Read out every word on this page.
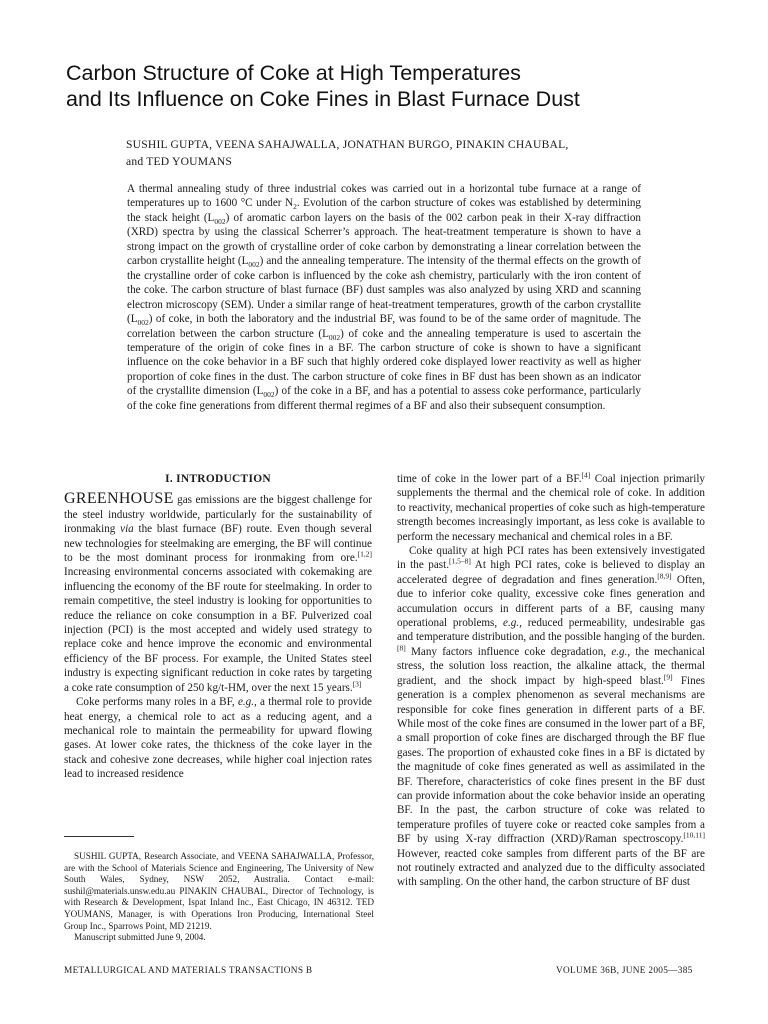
Carbon Structure of Coke at High Temperatures
and Its Influence on Coke Fines in Blast Furnace Dust
SUSHIL GUPTA, VEENA SAHAJWALLA, JONATHAN BURGO, PINAKIN CHAUBAL,
and TED YOUMANS
A thermal annealing study of three industrial cokes was carried out in a horizontal tube furnace at a range of temperatures up to 1600 °C under $N_2$. Evolution of the carbon structure of cokes was established by determining the stack height $(L_{002})$ of aromatic carbon layers on the basis of the 002 carbon peak in their X-ray diffraction (XRD) spectra by using the classical Scherrer’s approach. The heat-treatment temperature is shown to have a strong impact on the growth of crystalline order of coke carbon by demonstrating a linear correlation between the carbon crystallite height $(L_{002})$ and the annealing temperature. The intensity of the thermal effects on the growth of the crystalline order of coke carbon is influenced by the coke ash chemistry, particularly with the iron content of the coke. The carbon structure of blast furnace (BF) dust samples was also analyzed by using XRD and scanning electron microscopy (SEM). Under a similar range of heat-treatment temperatures, growth of the carbon crystallite $(L_{002})$ of coke, in both the laboratory and the industrial BF, was found to be of the same order of magnitude. The correlation between the carbon structure $(L_{002})$ of coke and the annealing temperature is used to ascertain the temperature of the origin of coke fines in a BF. The carbon structure of coke is shown to have a significant influence on the coke behavior in a BF such that highly ordered coke displayed lower reactivity as well as higher proportion of coke fines in the dust. The carbon structure of coke fines in BF dust has been shown as an indicator of the crystallite dimension $(L_{002})$ of the coke in a BF, and has a potential to assess coke performance, particularly of the coke fine generations from different thermal regimes of a BF and also their subsequent consumption.
I. INTRODUCTION

GREENHOUSE gas emissions are the biggest challenge for the steel industry worldwide, particularly for the sustainability of ironmaking via the blast furnace (BF) route. Even though several new technologies for steelmaking are emerging, the BF will continue to be the most dominant process for ironmaking from ore.[1,2] Increasing environmental concerns associated with cokemaking are influencing the economy of the BF route for steelmaking. In order to remain competitive, the steel industry is looking for opportunities to reduce the reliance on coke consumption in a BF. Pulverized coal injection (PCI) is the most accepted and widely used strategy to replace coke and hence improve the economic and environmental efficiency of the BF process. For example, the United States steel industry is expecting significant reduction in coke rates by targeting a coke rate consumption of 250 kg/t-HM, over the next 15 years.[3]

Coke performs many roles in a BF, e.g., a thermal role to provide heat energy, a chemical role to act as a reducing agent, and a mechanical role to maintain the permeability for upward flowing gases. At lower coke rates, the thickness of the coke layer in the stack and cohesive zone decreases, while higher coal injection rates lead to increased residence

time of coke in the lower part of a BF.[4] Coal injection primarily supplements the thermal and the chemical role of coke. In addition to reactivity, mechanical properties of coke such as high-temperature strength becomes increasingly important, as less coke is available to perform the necessary mechanical and chemical roles in a BF.

Coke quality at high PCI rates has been extensively investigated in the past.[1,5–8] At high PCI rates, coke is believed to display an accelerated degree of degradation and fines generation.[8,9] Often, due to inferior coke quality, excessive coke fines generation and accumulation occurs in different parts of a BF, causing many operational problems, e.g., reduced permeability, undesirable gas and temperature distribution, and the possible hanging of the burden.[8] Many factors influence coke degradation, e.g., the mechanical stress, the solution loss reaction, the alkaline attack, the thermal gradient, and the shock impact by high-speed blast.[9] Fines generation is a complex phenomenon as several mechanisms are responsible for coke fines generation in different parts of a BF. While most of the coke fines are consumed in the lower part of a BF, a small proportion of coke fines are discharged through the BF flue gases. The proportion of exhausted coke fines in a BF is dictated by the magnitude of coke fines generated as well as assimilated in the BF. Therefore, characteristics of coke fines present in the BF dust can provide information about the coke behavior inside an operating BF. In the past, the carbon structure of coke was related to temperature profiles of tuyere coke or reacted coke samples from a BF by using X-ray diffraction (XRD)/Raman spectroscopy.[10,11] However, reacted coke samples from different parts of the BF are not routinely extracted and analyzed due to the difficulty associated with sampling. On the other hand, the carbon structure of BF dust

SUSHIL GUPTA, Research Associate, and VEENA SAHAJWALLA, Professor, are with the School of Materials Science and Engineering, The University of New South Wales, Sydney, NSW 2052, Australia. Contact e-mail: sushil@materials.unsw.edu.au PINAKIN CHAUBAL, Director of Technology, is with Research & Development, Ispat Inland Inc., East Chicago, IN 46312. TED YOUMANS, Manager, is with Operations Iron Producing, International Steel Group Inc., Sparrows Point, MD 21219.

Manuscript submitted June 9, 2004.

METALLURGICAL AND MATERIALS TRANSACTIONS B	VOLUME 36B, JUNE 2005—385
